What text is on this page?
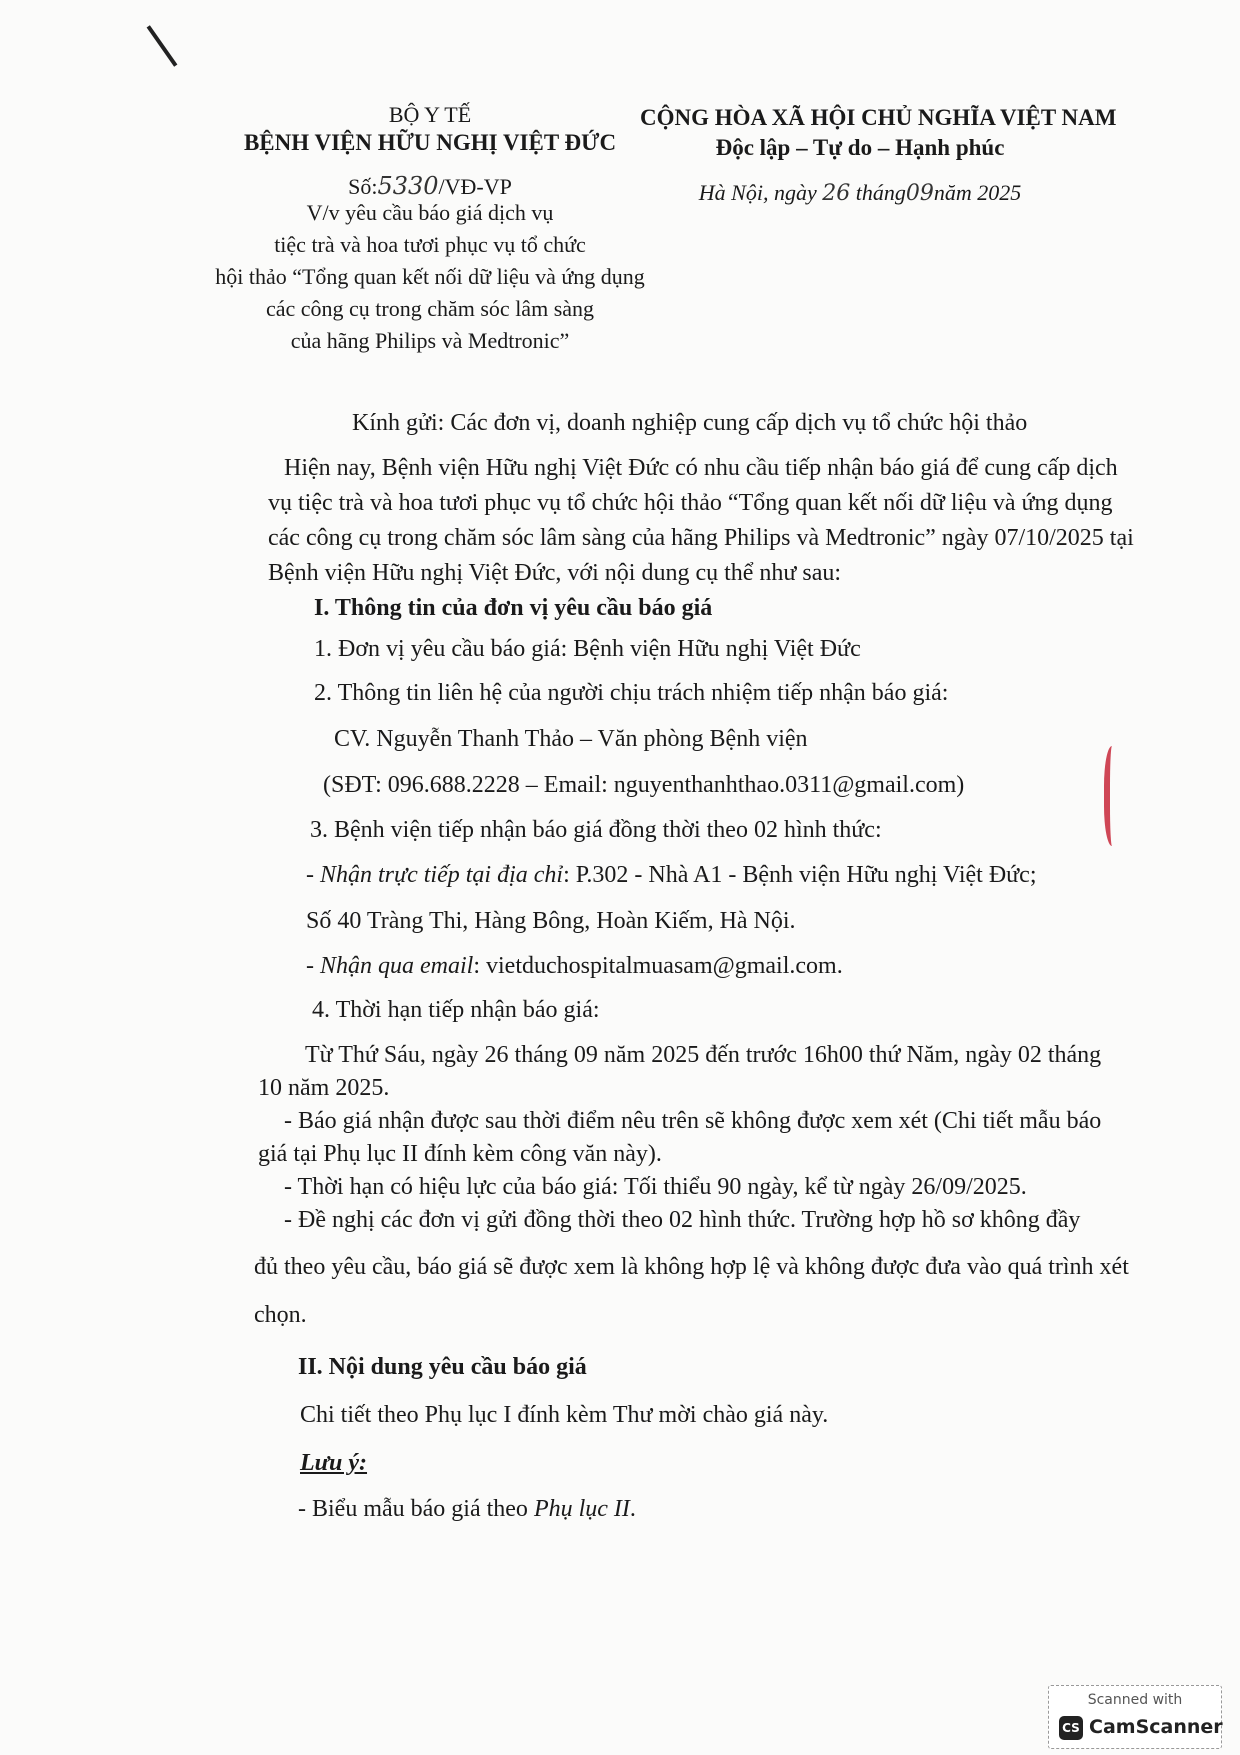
BỘ Y TẾ
BỆNH VIỆN HỮU NGHỊ VIỆT ĐỨC
Số:5330/VĐ-VP
V/v yêu cầu báo giá dịch vụ
tiệc trà và hoa tươi phục vụ tổ chức
hội thảo “Tổng quan kết nối dữ liệu và ứng dụng
các công cụ trong chăm sóc lâm sàng
của hãng Philips và Medtronic”
CỘNG HÒA XÃ HỘI CHỦ NGHĨA VIỆT NAM
Độc lập – Tự do – Hạnh phúc
Hà Nội, ngày 26 tháng09năm 2025
Kính gửi: Các đơn vị, doanh nghiệp cung cấp dịch vụ tổ chức hội thảo
Hiện nay, Bệnh viện Hữu nghị Việt Đức có nhu cầu tiếp nhận báo giá để cung cấp dịch
vụ tiệc trà và hoa tươi phục vụ tổ chức hội thảo “Tổng quan kết nối dữ liệu và ứng dụng
các công cụ trong chăm sóc lâm sàng của hãng Philips và Medtronic” ngày 07/10/2025 tại
Bệnh viện Hữu nghị Việt Đức, với nội dung cụ thể như sau:
I. Thông tin của đơn vị yêu cầu báo giá
1. Đơn vị yêu cầu báo giá: Bệnh viện Hữu nghị Việt Đức
2. Thông tin liên hệ của người chịu trách nhiệm tiếp nhận báo giá:
CV. Nguyễn Thanh Thảo – Văn phòng Bệnh viện
(SĐT: 096.688.2228 – Email: nguyenthanhthao.0311@gmail.com)
3. Bệnh viện tiếp nhận báo giá đồng thời theo 02 hình thức:
- Nhận trực tiếp tại địa chỉ: P.302 - Nhà A1 - Bệnh viện Hữu nghị Việt Đức;
Số 40 Tràng Thi, Hàng Bông, Hoàn Kiếm, Hà Nội.
- Nhận qua email: vietduchospitalmuasam@gmail.com.
4. Thời hạn tiếp nhận báo giá:
Từ Thứ Sáu, ngày 26 tháng 09 năm 2025 đến trước 16h00 thứ Năm, ngày 02 tháng
10 năm 2025.
- Báo giá nhận được sau thời điểm nêu trên sẽ không được xem xét (Chi tiết mẫu báo
giá tại Phụ lục II đính kèm công văn này).
- Thời hạn có hiệu lực của báo giá: Tối thiểu 90 ngày, kể từ ngày 26/09/2025.
- Đề nghị các đơn vị gửi đồng thời theo 02 hình thức. Trường hợp hồ sơ không đầy
đủ theo yêu cầu, báo giá sẽ được xem là không hợp lệ và không được đưa vào quá trình xét
chọn.
II. Nội dung yêu cầu báo giá
Chi tiết theo Phụ lục I đính kèm Thư mời chào giá này.
Lưu ý:
- Biểu mẫu báo giá theo Phụ lục II.
Scanned with
CS CamScanner
